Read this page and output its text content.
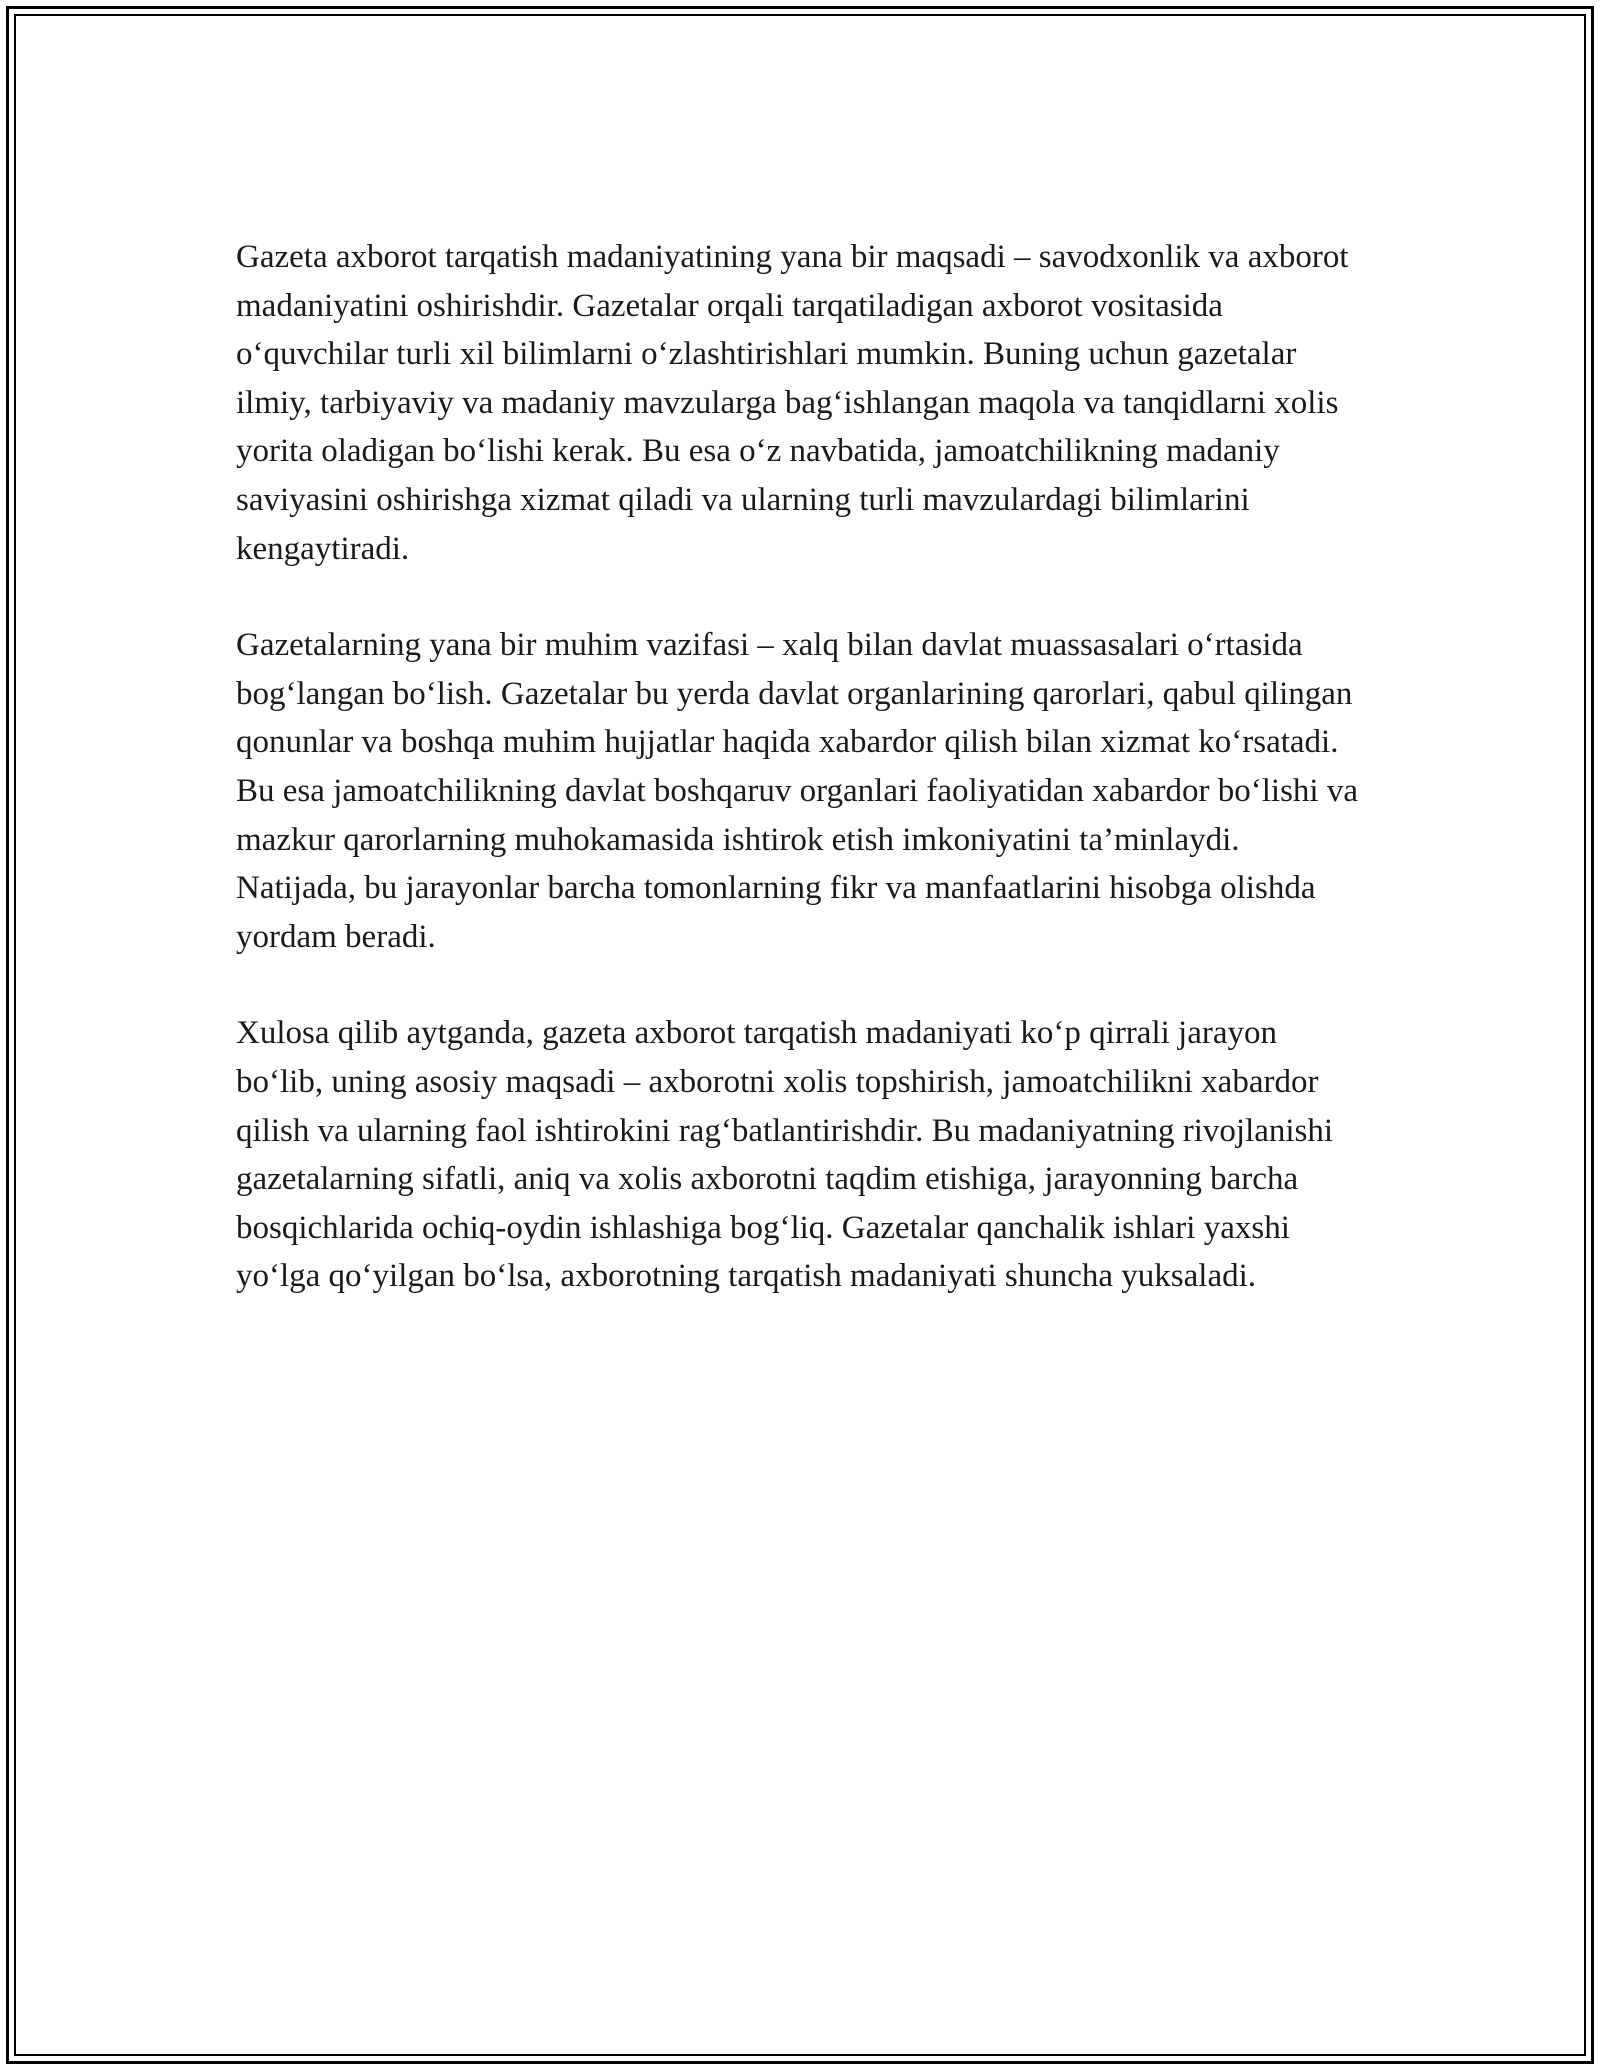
Gazeta axborot tarqatish madaniyatining yana bir maqsadi – savodxonlik va axborot madaniyatini oshirishdir. Gazetalar orqali tarqatiladigan axborot vositasida o‘quvchilar turli xil bilimlarni o‘zlashtirishlari mumkin. Buning uchun gazetalar ilmiy, tarbiyaviy va madaniy mavzularga bag‘ishlangan maqola va tanqidlarni xolis yorita oladigan bo‘lishi kerak. Bu esa o‘z navbatida, jamoatchilikning madaniy saviyasini oshirishga xizmat qiladi va ularning turli mavzulardagi bilimlarini kengaytiradi.

Gazetalarning yana bir muhim vazifasi – xalq bilan davlat muassasalari o‘rtasida bog‘langan bo‘lish. Gazetalar bu yerda davlat organlarining qarorlari, qabul qilingan qonunlar va boshqa muhim hujjatlar haqida xabardor qilish bilan xizmat ko‘rsatadi. Bu esa jamoatchilikning davlat boshqaruv organlari faoliyatidan xabardor bo‘lishi va mazkur qarorlarning muhokamasida ishtirok etish imkoniyatini ta’minlaydi. Natijada, bu jarayonlar barcha tomonlarning fikr va manfaatlarini hisobga olishda yordam beradi.

Xulosa qilib aytganda, gazeta axborot tarqatish madaniyati ko‘p qirrali jarayon bo‘lib, uning asosiy maqsadi – axborotni xolis topshirish, jamoatchilikni xabardor qilish va ularning faol ishtirokini rag‘batlantirishdir. Bu madaniyatning rivojlanishi gazetalarning sifatli, aniq va xolis axborotni taqdim etishiga, jarayonning barcha bosqichlarida ochiq-oydin ishlashiga bog‘liq. Gazetalar qanchalik ishlari yaxshi yo‘lga qo‘yilgan bo‘lsa, axborotning tarqatish madaniyati shuncha yuksaladi.
